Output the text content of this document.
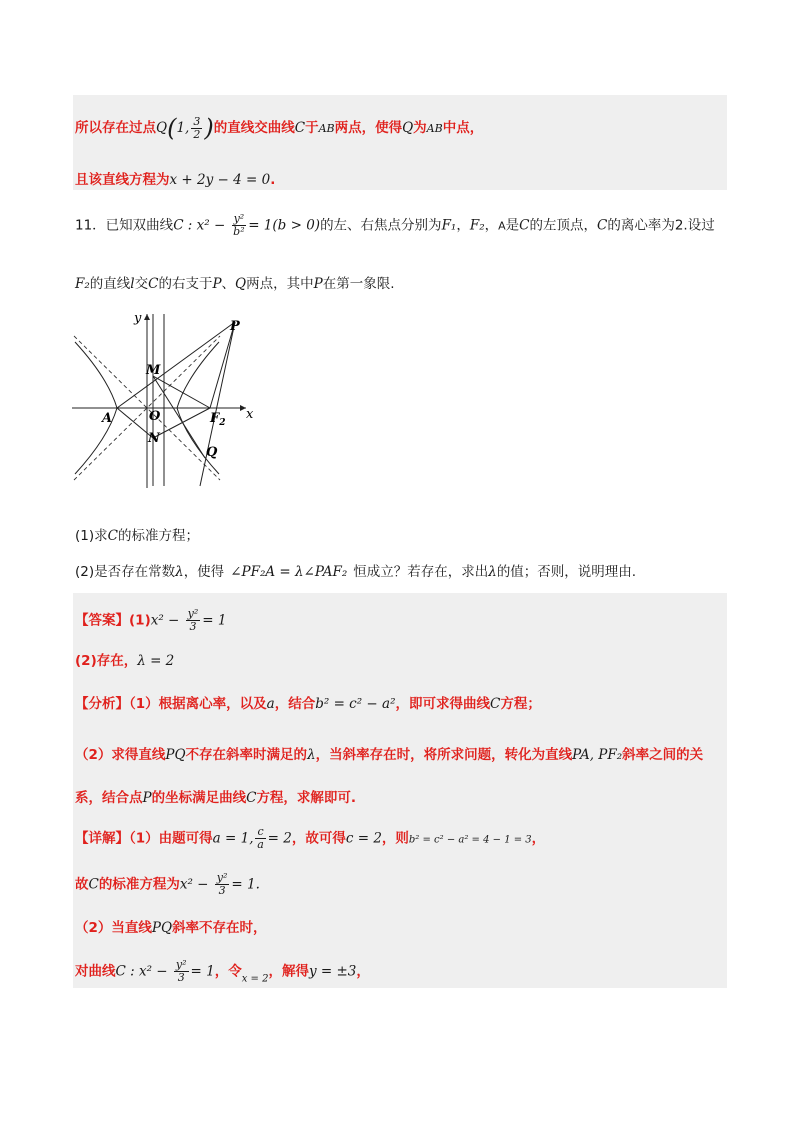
所以存在过点Q(1, $\frac{3}{2}$ )的直线交曲线C于AB两点，使得Q为AB中点，
且该直线方程为x + 2y − 4 = 0.
11．已知双曲线C : $x^2 - \frac{\text{y²}}{\text{b²}} = 1(b > 0)$的左、右焦点分别为F₁，F₂，A是C的左顶点，C的离心率为2.设过
F₂的直线l交C的右支于P、Q两点，其中P在第一象限.
y
x
P
M
A	O	$F_2$
N
Q
(1)求C的标准方程；
(2)是否存在常数λ，使得 ∠PF₂A = λ∠PAF₂ 恒成立？若存在，求出λ的值；否则，说明理由.
【答案】$(1)x^2 - \frac{\text{y²}}{3} = 1$
(2)存在，λ = 2
【分析】（1）根据离心率，以及a，结合b² = c² − a²，即可求得曲线C方程；
（2）求得直线PQ不存在斜率时满足的λ，当斜率存在时，将所求问题，转化为直线PA, PF₂斜率之间的关
系，结合点P的坐标满足曲线C方程，求解即可.
【详解】（1）由题可得a = 1, $\frac{c}{a} = 2$，故可得c = 2，则b² = c² − a² = 4 − 1 = 3，
故C的标准方程为$x^2 - \frac{\text{y²}}{3} = 1$.
（2）当直线PQ斜率不存在时，
对曲线C : $x^2 - \frac{\text{y²}}{3} = 1$，令$_{x = 2}$，解得y = ±3，
